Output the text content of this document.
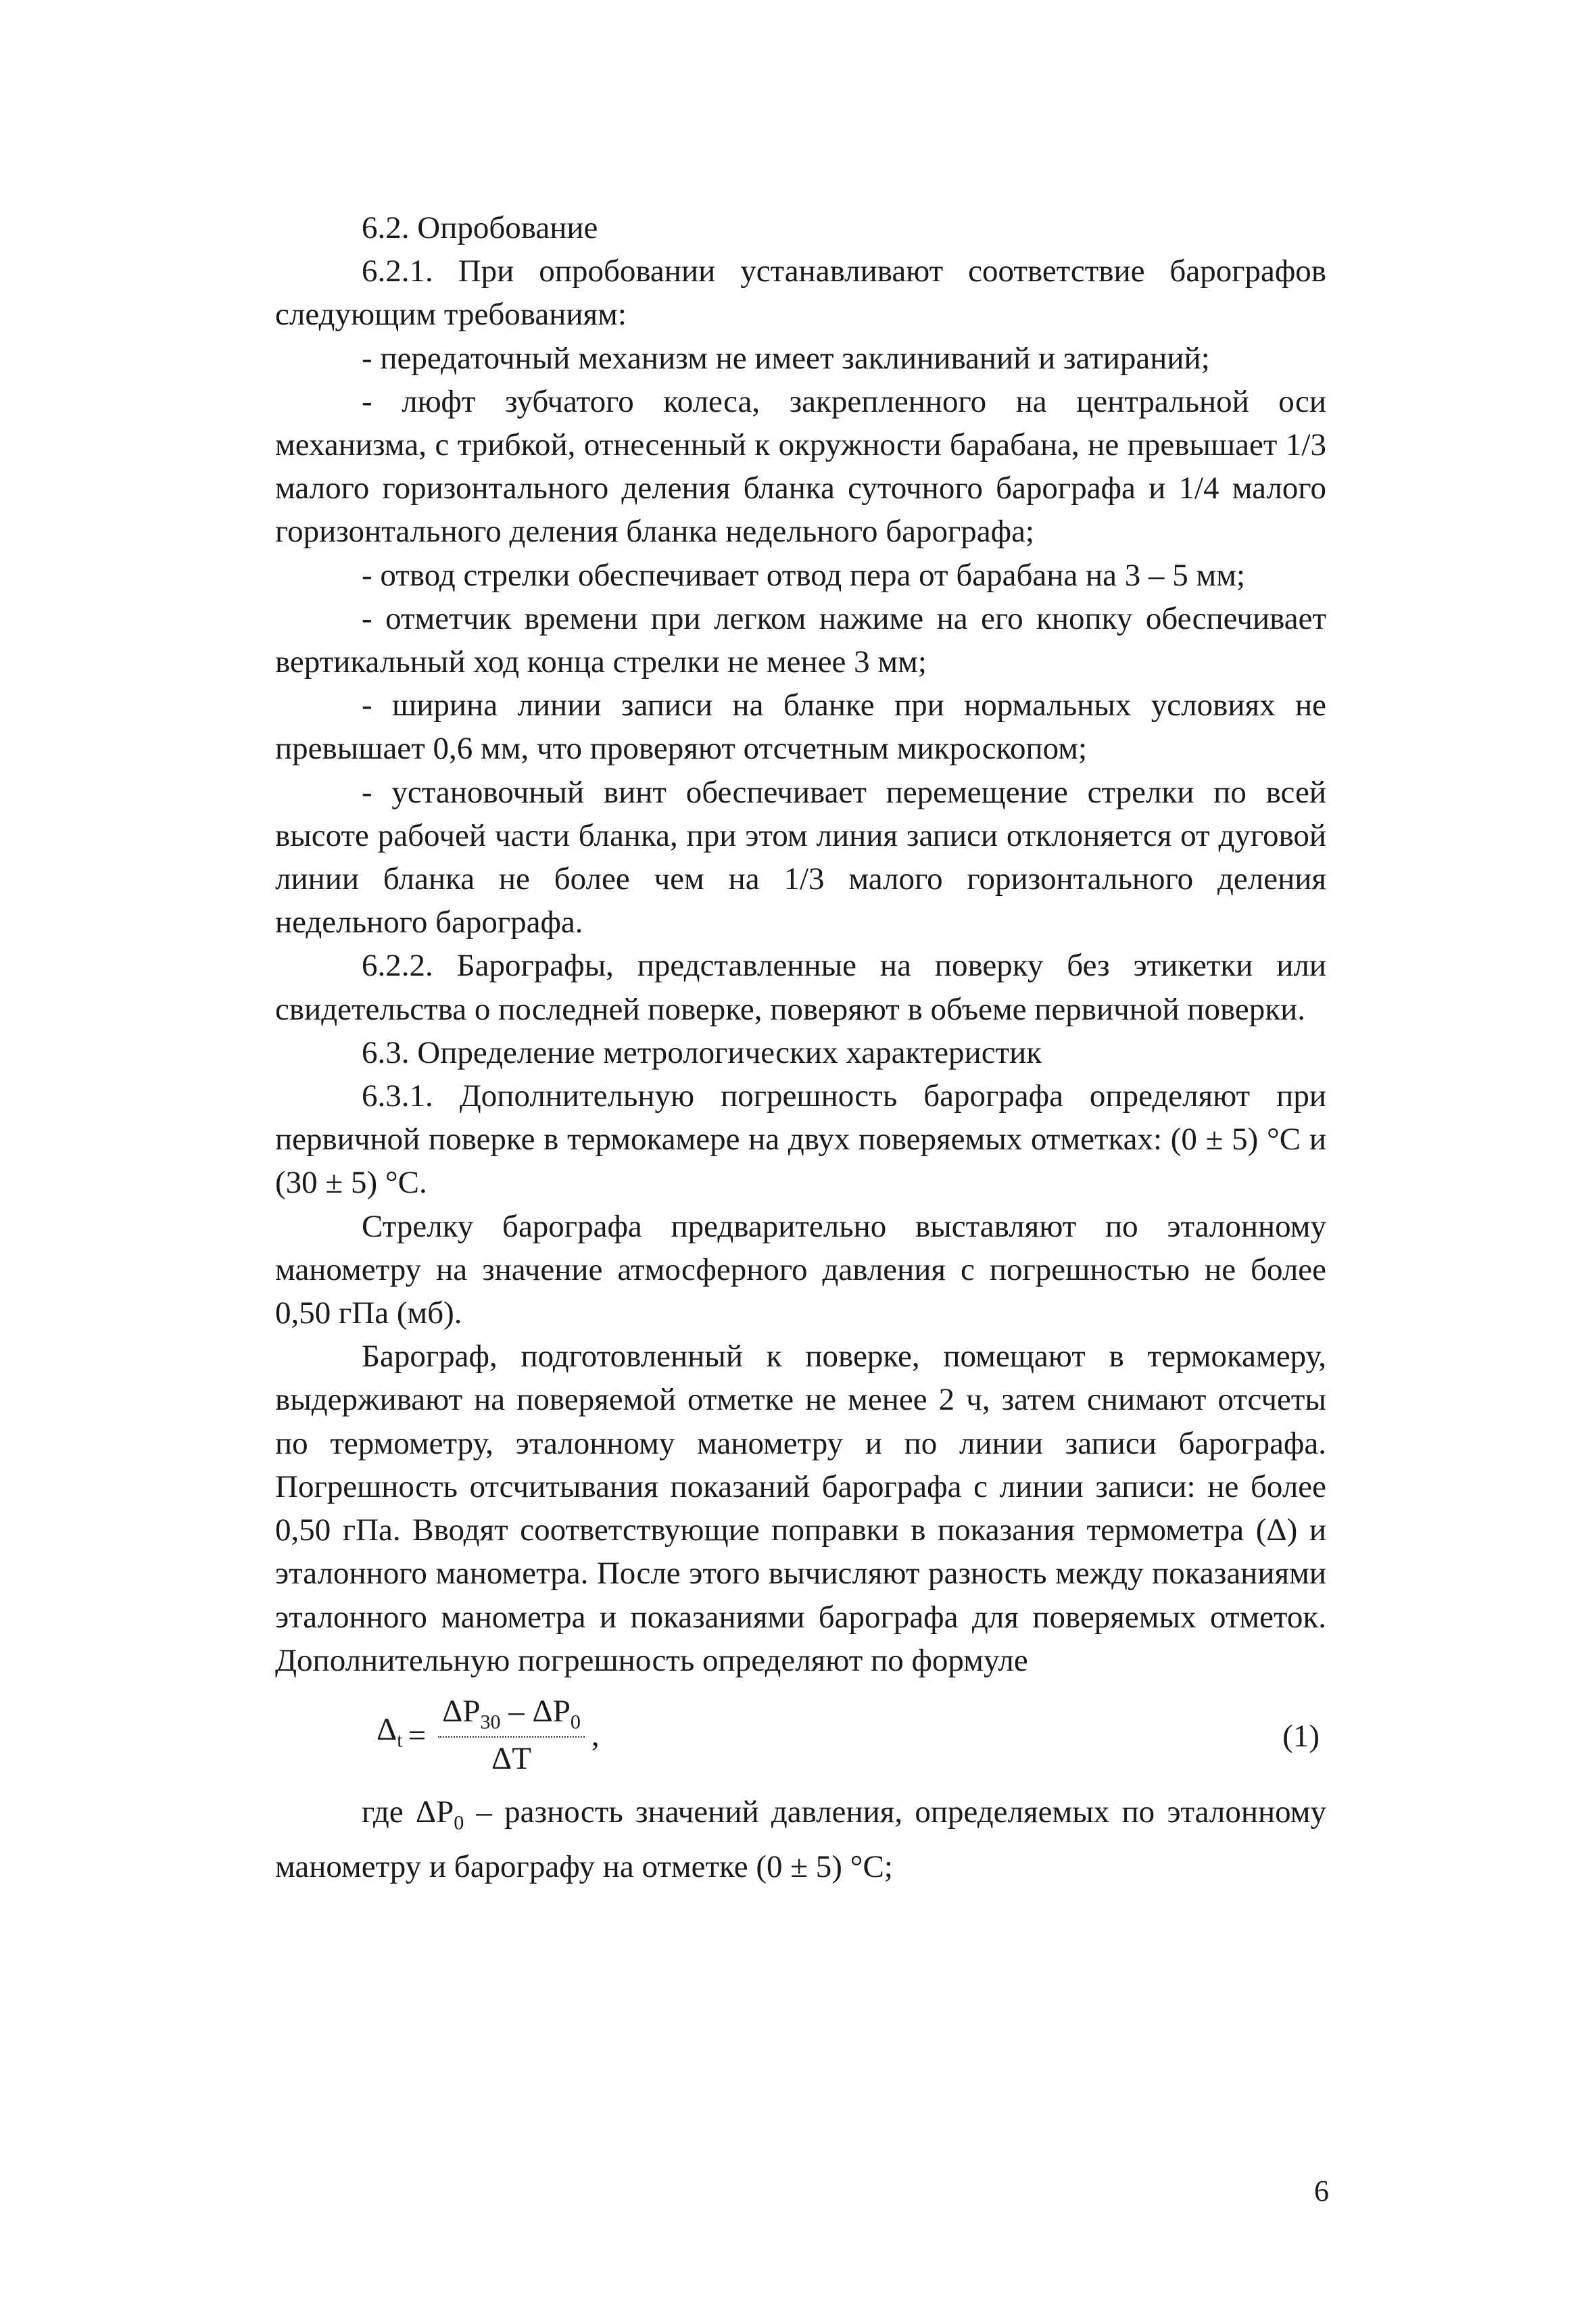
6.2. Опробование

6.2.1. При опробовании устанавливают соответствие барографов следующим требованиям:

- передаточный механизм не имеет заклиниваний и затираний;

- люфт зубчатого колеса, закрепленного на центральной оси механизма, с трибкой, отнесенный к окружности барабана, не превышает 1/3 малого горизонтального деления бланка суточного барографа и 1/4 малого горизонтального деления бланка недельного барографа;

- отвод стрелки обеспечивает отвод пера от барабана на 3 – 5 мм;

- отметчик времени при легком нажиме на его кнопку обеспечивает вертикальный ход конца стрелки не менее 3 мм;

- ширина линии записи на бланке при нормальных условиях не превышает 0,6 мм, что проверяют отсчетным микроскопом;

- установочный винт обеспечивает перемещение стрелки по всей высоте рабочей части бланка, при этом линия записи отклоняется от дуговой линии бланка не более чем на 1/3 малого горизонтального деления недельного барографа.

6.2.2. Барографы, представленные на поверку без этикетки или свидетельства о последней поверке, поверяют в объеме первичной поверки.

6.3. Определение метрологических характеристик

6.3.1. Дополнительную погрешность барографа определяют при первичной поверке в термокамере на двух поверяемых отметках: (0 ± 5) °С и (30 ± 5) °С.

Стрелку барографа предварительно выставляют по эталонному манометру на значение атмосферного давления с погрешностью не более 0,50 гПа (мб).

Барограф, подготовленный к поверке, помещают в термокамеру, выдерживают на поверяемой отметке не менее 2 ч, затем снимают отсчеты по термометру, эталонному манометру и по линии записи барографа. Погрешность отсчитывания показаний барографа с линии записи: не более 0,50 гПа. Вводят соответствующие поправки в показания термометра (Δ) и эталонного манометра. После этого вычисляют разность между показаниями эталонного манометра и показаниями барографа для поверяемых отметок. Дополнительную погрешность определяют по формуле

$\Delta_t = \frac{\Delta P_{30} - \Delta P_0}{\Delta T}$ ,	(1)

где $\Delta P_0$ – разность значений давления, определяемых по эталонному манометру и барографу на отметке (0 ± 5) °С;

6
